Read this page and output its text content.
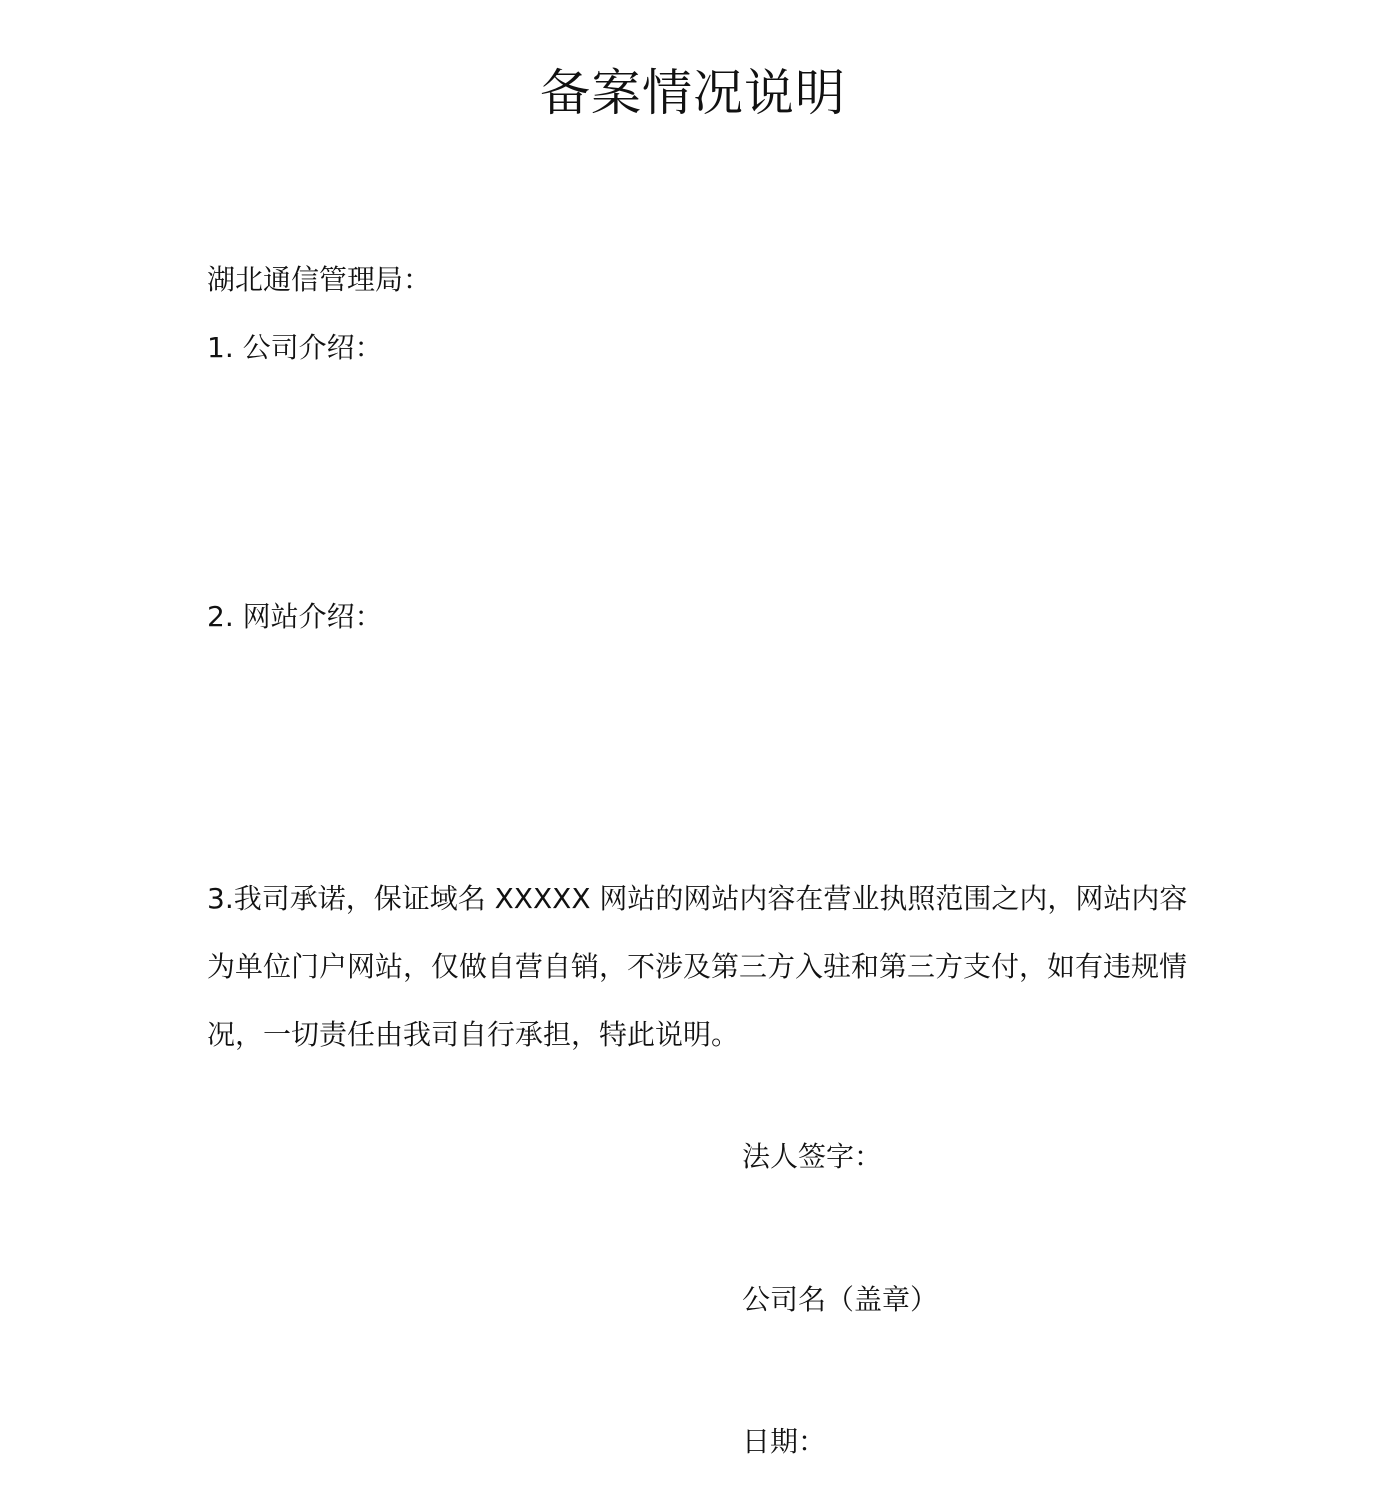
备案情况说明
湖北通信管理局：
1. 公司介绍：
2. 网站介绍：

3.我司承诺，保证域名 XXXXX 网站的网站内容在营业执照范围之内，网站内容

为单位门户网站，仅做自营自销，不涉及第三方入驻和第三方支付，如有违规情

况，一切责任由我司自行承担，特此说明。

法人签字：
公司名（盖章）
日期：
